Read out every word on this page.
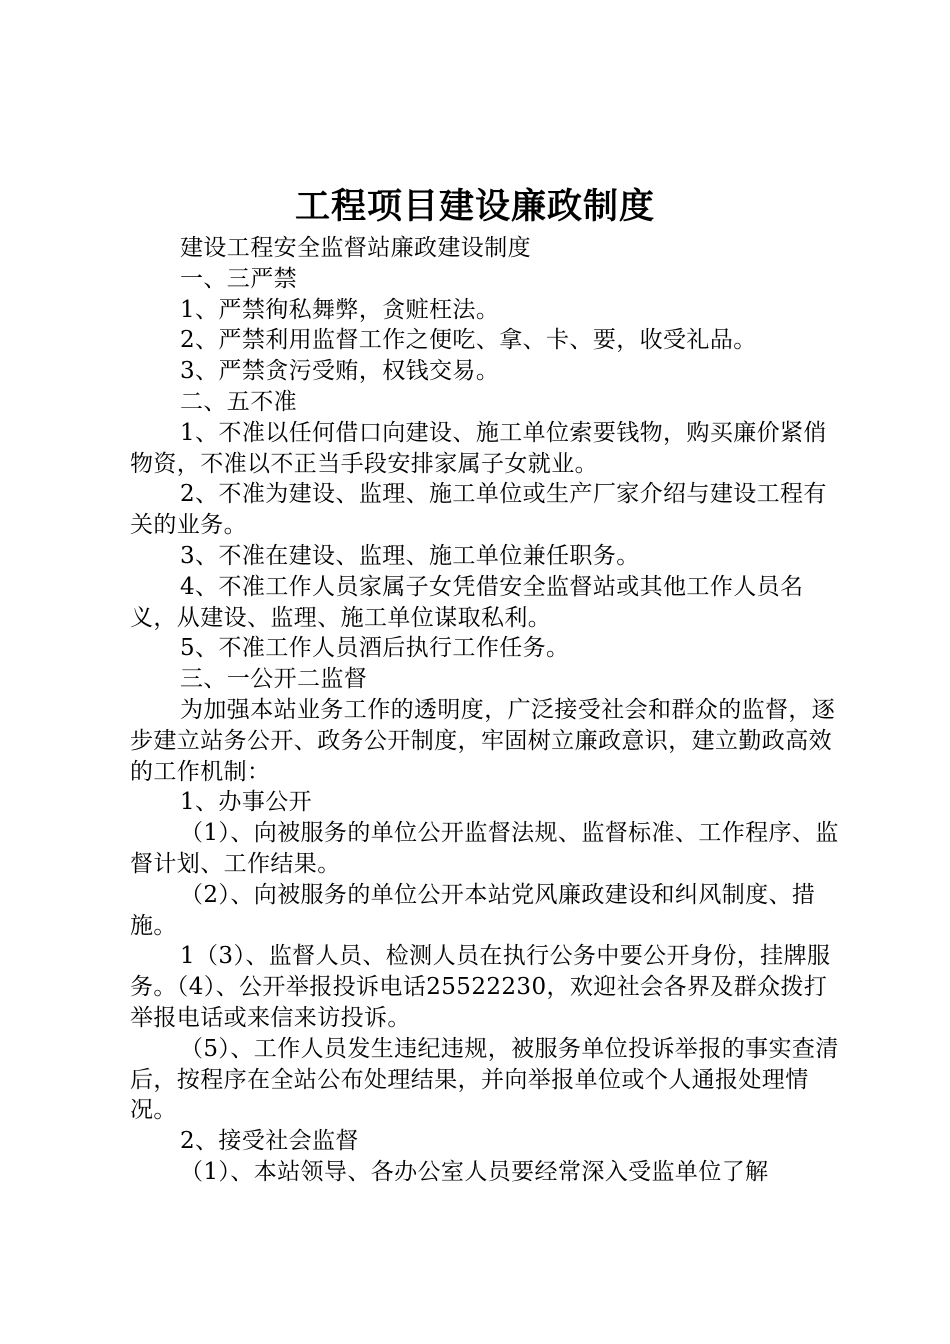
工程项目建设廉政制度

建设工程安全监督站廉政建设制度

一、三严禁

1、严禁徇私舞弊，贪赃枉法。

2、严禁利用监督工作之便吃、拿、卡、要，收受礼品。

3、严禁贪污受贿，权钱交易。

二、五不准

1、不准以任何借口向建设、施工单位索要钱物，购买廉价紧俏物资，不准以不正当手段安排家属子女就业。

2、不准为建设、监理、施工单位或生产厂家介绍与建设工程有关的业务。

3、不准在建设、监理、施工单位兼任职务。

4、不准工作人员家属子女凭借安全监督站或其他工作人员名义，从建设、监理、施工单位谋取私利。

5、不准工作人员酒后执行工作任务。

三、一公开二监督

为加强本站业务工作的透明度，广泛接受社会和群众的监督，逐步建立站务公开、政务公开制度，牢固树立廉政意识，建立勤政高效的工作机制：

1、办事公开

（1）、向被服务的单位公开监督法规、监督标准、工作程序、监督计划、工作结果。

（2）、向被服务的单位公开本站党风廉政建设和纠风制度、措施。

1（3）、监督人员、检测人员在执行公务中要公开身份，挂牌服务。（4）、公开举报投诉电话25522230，欢迎社会各界及群众拨打举报电话或来信来访投诉。

（5）、工作人员发生违纪违规，被服务单位投诉举报的事实查清后，按程序在全站公布处理结果，并向举报单位或个人通报处理情况。

2、接受社会监督

（1）、本站领导、各办公室人员要经常深入受监单位了解
